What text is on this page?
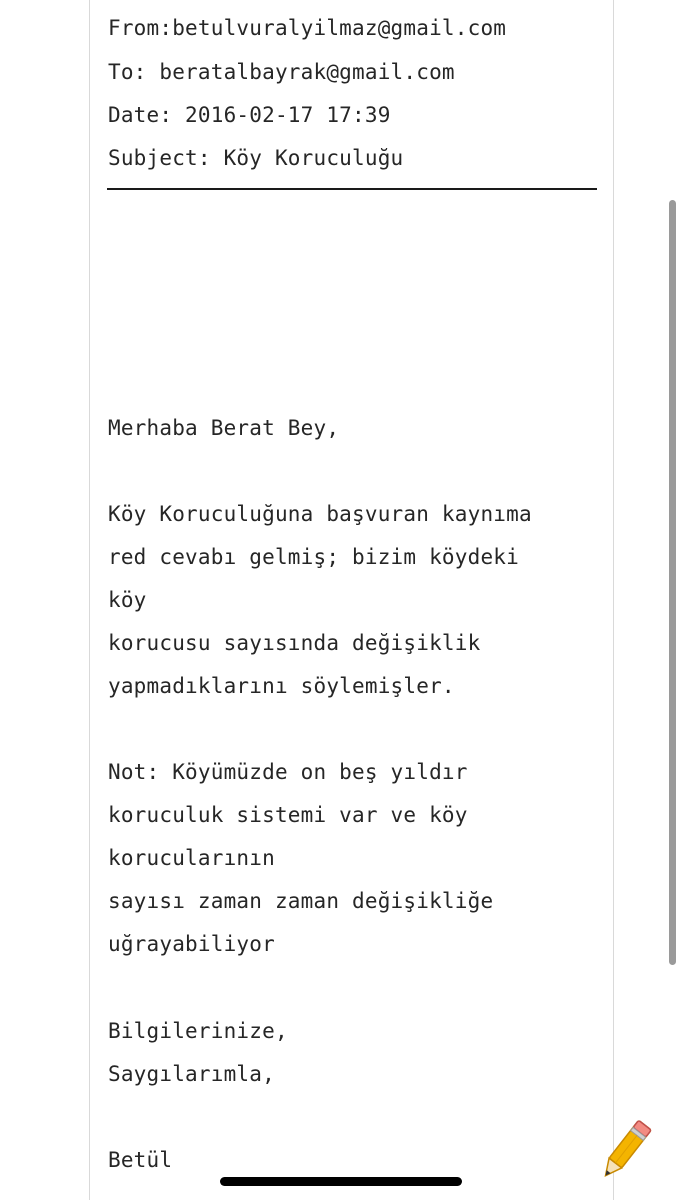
From:betulvuralyilmaz@gmail.com
To: beratalbayrak@gmail.com
Date: 2016-02-17 17:39
Subject: Köy Koruculuğu
Merhaba Berat Bey,
Köy Koruculuğuna başvuran kaynıma
red cevabı gelmiş; bizim köydeki
köy
korucusu sayısında değişiklik
yapmadıklarını söylemişler.
Not: Köyümüzde on beş yıldır
koruculuk sistemi var ve köy
korucularının
sayısı zaman zaman değişikliğe
uğrayabiliyor
Bilgilerinize,
Saygılarımla,
Betül
